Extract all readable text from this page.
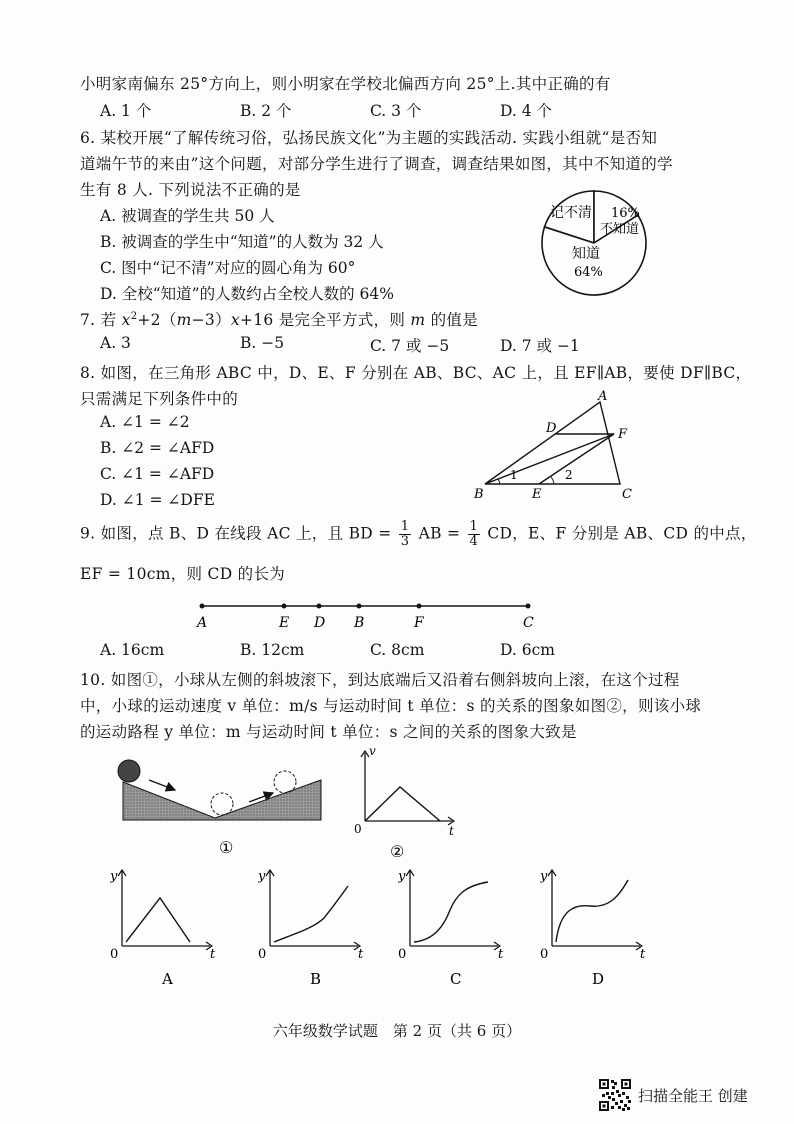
小明家南偏东 25°方向上，则小明家在学校北偏西方向 25°上.其中正确的有
A. 1 个	B. 2 个	C. 3 个	D. 4 个
6. 某校开展“了解传统习俗，弘扬民族文化”为主题的实践活动. 实践小组就“是否知
道端午节的来由”这个问题，对部分学生进行了调查，调查结果如图，其中不知道的学
生有 8 人. 下列说法不正确的是
A. 被调查的学生共 50 人
B. 被调查的学生中“知道”的人数为 32 人
C. 图中“记不清”对应的圆心角为 60°
D. 全校“知道”的人数约占全校人数的 64%
记不清 16%
不知道
知道
64%
7. 若 $x^2+2(m-3)x+16$ 是完全平方式，则 m 的值是
A. 3	B. −5	C. 7 或 −5	D. 7 或 −1
8. 如图，在三角形 ABC 中，D、E、F 分别在 AB、BC、AC 上，且 EF∥AB，要使 DF∥BC，
只需满足下列条件中的
A. ∠1 = ∠2
B. ∠2 = ∠AFD
C. ∠1 = ∠AFD
D. ∠1 = ∠DFE
A
D	F
B	E	C
1	2
9. 如图，点 B、D 在线段 AC 上，且 BD = $\frac{1}{3}$ AB = $\frac{1}{4}$ CD，E、F 分别是 AB、CD 的中点，
EF = 10cm，则 CD 的长为
A	E D B	F	C
A. 16cm	B. 12cm	C. 8cm	D. 6cm
10. 如图①，小球从左侧的斜坡滚下，到达底端后又沿着右侧斜坡向上滚，在这个过程
中，小球的运动速度 v 单位：m/s 与运动时间 t 单位：s 的关系的图象如图②，则该小球
的运动路程 y 单位：m 与运动时间 t 单位：s 之间的关系的图象大致是
①
v
t
0
②
y
t
0
A
y
t
0
B
y
t
0
C
y
t
0
D
六年级数学试题　第 2 页（共 6 页）
扫描全能王 创建
